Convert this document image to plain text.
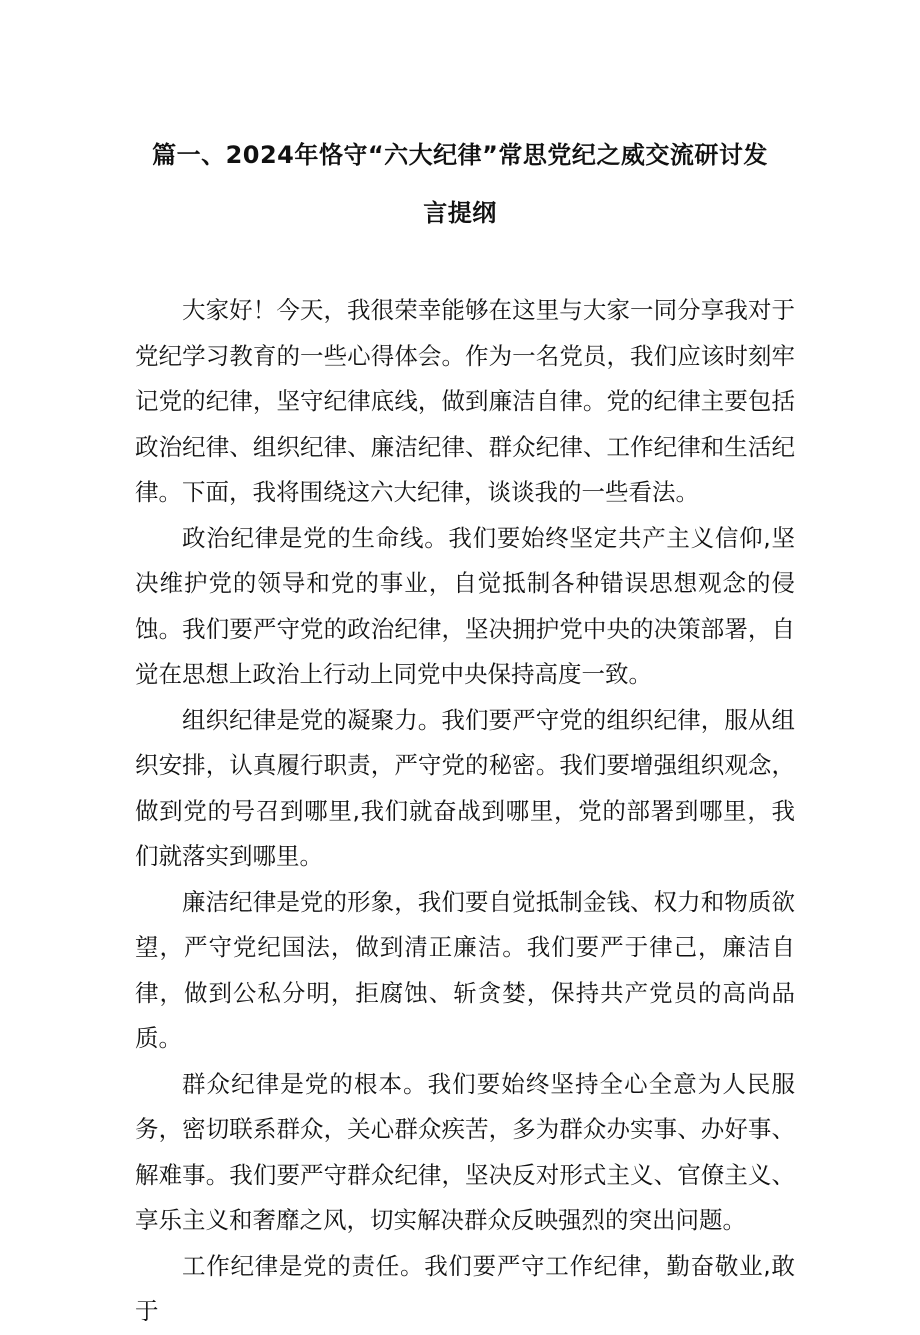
篇一、2024年恪守“六大纪律”常思党纪之威交流研讨发
言提纲

大家好！今天，我很荣幸能够在这里与大家一同分享我对于党纪学习教育的一些心得体会。作为一名党员，我们应该时刻牢记党的纪律，坚守纪律底线，做到廉洁自律。党的纪律主要包括政治纪律、组织纪律、廉洁纪律、群众纪律、工作纪律和生活纪律。下面，我将围绕这六大纪律，谈谈我的一些看法。

政治纪律是党的生命线。我们要始终坚定共产主义信仰,坚决维护党的领导和党的事业，自觉抵制各种错误思想观念的侵蚀。我们要严守党的政治纪律，坚决拥护党中央的决策部署，自觉在思想上政治上行动上同党中央保持高度一致。

组织纪律是党的凝聚力。我们要严守党的组织纪律，服从组织安排，认真履行职责，严守党的秘密。我们要增强组织观念，做到党的号召到哪里,我们就奋战到哪里，党的部署到哪里，我们就落实到哪里。

廉洁纪律是党的形象，我们要自觉抵制金钱、权力和物质欲望，严守党纪国法，做到清正廉洁。我们要严于律己，廉洁自律，做到公私分明，拒腐蚀、斩贪婪，保持共产党员的高尚品质。

群众纪律是党的根本。我们要始终坚持全心全意为人民服务，密切联系群众，关心群众疾苦，多为群众办实事、办好事、解难事。我们要严守群众纪律，坚决反对形式主义、官僚主义、享乐主义和奢靡之风，切实解决群众反映强烈的突出问题。

工作纪律是党的责任。我们要严守工作纪律，勤奋敬业,敢于
